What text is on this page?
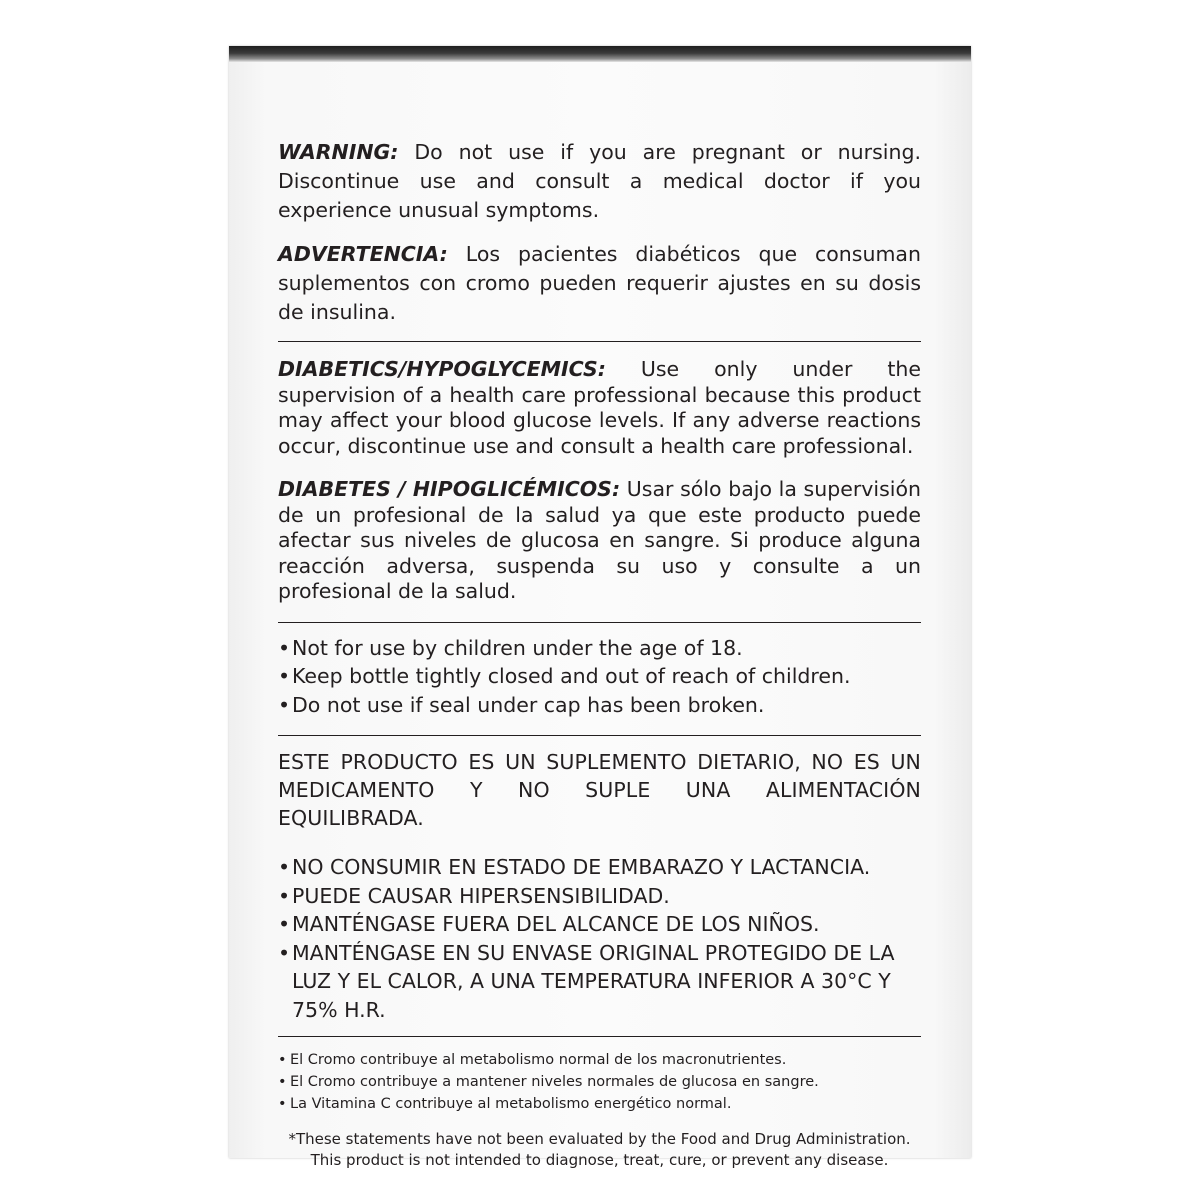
WARNING: Do not use if you are pregnant or nursing. Discontinue use and consult a medical doctor if you experience unusual symptoms.

ADVERTENCIA: Los pacientes diabéticos que consuman suplementos con cromo pueden requerir ajustes en su dosis de insulina.

DIABETICS/HYPOGLYCEMICS: Use only under the supervision of a health care professional because this product may affect your blood glucose levels. If any adverse reactions occur, discontinue use and consult a health care professional.

DIABETES / HIPOGLICÉMICOS: Usar sólo bajo la supervisión de un profesional de la salud ya que este producto puede afectar sus niveles de glucosa en sangre. Si produce alguna reacción adversa, suspenda su uso y consulte a un profesional de la salud.

• Not for use by children under the age of 18.
• Keep bottle tightly closed and out of reach of children.
• Do not use if seal under cap has been broken.

ESTE PRODUCTO ES UN SUPLEMENTO DIETARIO, NO ES UN MEDICAMENTO Y NO SUPLE UNA ALIMENTACIÓN EQUILIBRADA.

• NO CONSUMIR EN ESTADO DE EMBARAZO Y LACTANCIA.
• PUEDE CAUSAR HIPERSENSIBILIDAD.
• MANTÉNGASE FUERA DEL ALCANCE DE LOS NIÑOS.
• MANTÉNGASE EN SU ENVASE ORIGINAL PROTEGIDO DE LA LUZ Y EL CALOR, A UNA TEMPERATURA INFERIOR A 30°C Y 75% H.R.
• El Cromo contribuye al metabolismo normal de los macronutrientes.
• El Cromo contribuye a mantener niveles normales de glucosa en sangre.
• La Vitamina C contribuye al metabolismo energético normal.

*These statements have not been evaluated by the Food and Drug Administration.
This product is not intended to diagnose, treat, cure, or prevent any disease.
